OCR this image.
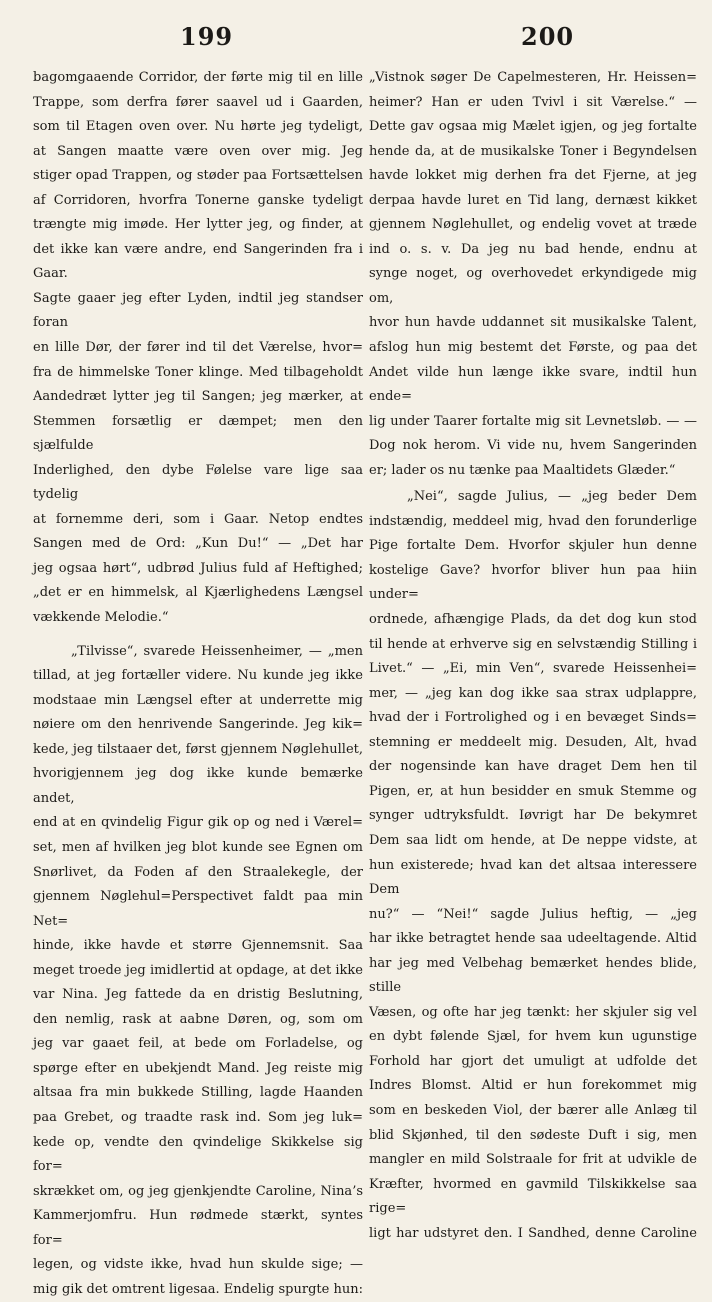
199	200

bagomgaaende Corridor, der førte mig til en lille

Trappe, som derfra fører saavel ud i Gaarden,

som til Etagen oven over. Nu hørte jeg tydeligt,

at Sangen maatte være oven over mig. Jeg

stiger opad Trappen, og støder paa Fortsættelsen

af Corridoren, hvorfra Tonerne ganske tydeligt

trængte mig imøde. Her lytter jeg, og finder, at

det ikke kan være andre, end Sangerinden fra i Gaar.

Sagte gaaer jeg efter Lyden, indtil jeg standser foran

en lille Dør, der fører ind til det Værelse, hvor=

fra de himmelske Toner klinge. Med tilbageholdt

Aandedræt lytter jeg til Sangen; jeg mærker, at

Stemmen forsætlig er dæmpet; men den sjælfulde

Inderlighed, den dybe Følelse vare lige saa tydelig

at fornemme deri, som i Gaar. Netop endtes

Sangen med de Ord: „Kun Du!“ — „Det har

jeg ogsaa hørt“, udbrød Julius fuld af Heftighed;

„det er en himmelsk, al Kjærlighedens Længsel

vækkende Melodie.“

„Tilvisse“, svarede Heissenheimer, — „men

tillad, at jeg fortæller videre. Nu kunde jeg ikke

modstaae min Længsel efter at underrette mig

nøiere om den henrivende Sangerinde. Jeg kik=

kede, jeg tilstaaer det, først gjennem Nøglehullet,

hvorigjennem jeg dog ikke kunde bemærke andet,

end at en qvindelig Figur gik op og ned i Værel=

set, men af hvilken jeg blot kunde see Egnen om

Snørlivet, da Foden af den Straalekegle, der

gjennem Nøglehul=Perspectivet faldt paa min Net=

hinde, ikke havde et større Gjennemsnit. Saa

meget troede jeg imidlertid at opdage, at det ikke

var Nina. Jeg fattede da en dristig Beslutning,

den nemlig, rask at aabne Døren, og, som om

jeg var gaaet feil, at bede om Forladelse, og

spørge efter en ubekjendt Mand. Jeg reiste mig

altsaa fra min bukkede Stilling, lagde Haanden

paa Grebet, og traadte rask ind. Som jeg luk=

kede op, vendte den qvindelige Skikkelse sig for=

skrækket om, og jeg gjenkjendte Caroline, Nina’s

Kammerjomfru. Hun rødmede stærkt, syntes for=

legen, og vidste ikke, hvad hun skulde sige; —

mig gik det omtrent ligesaa. Endelig spurgte hun:

„Vistnok søger De Capelmesteren, Hr. Heissen=

heimer? Han er uden Tvivl i sit Værelse.“ —

Dette gav ogsaa mig Mælet igjen, og jeg fortalte

hende da, at de musikalske Toner i Begyndelsen

havde lokket mig derhen fra det Fjerne, at jeg

derpaa havde luret en Tid lang, dernæst kikket

gjennem Nøglehullet, og endelig vovet at træde

ind o. s. v. Da jeg nu bad hende, endnu at

synge noget, og overhovedet erkyndigede mig om,

hvor hun havde uddannet sit musikalske Talent,

afslog hun mig bestemt det Første, og paa det

Andet vilde hun længe ikke svare, indtil hun ende=

lig under Taarer fortalte mig sit Levnetsløb. — —

Dog nok herom. Vi vide nu, hvem Sangerinden

er; lader os nu tænke paa Maaltidets Glæder.“

„Nei“, sagde Julius, — „jeg beder Dem

indstændig, meddeel mig, hvad den forunderlige

Pige fortalte Dem. Hvorfor skjuler hun denne

kostelige Gave? hvorfor bliver hun paa hiin under=

ordnede, afhængige Plads, da det dog kun stod

til hende at erhverve sig en selvstændig Stilling i

Livet.“ — „Ei, min Ven“, svarede Heissenhei=

mer, — „jeg kan dog ikke saa strax udplappre,

hvad der i Fortrolighed og i en bevæget Sinds=

stemning er meddeelt mig. Desuden, Alt, hvad

der nogensinde kan have draget Dem hen til

Pigen, er, at hun besidder en smuk Stemme og

synger udtryksfuldt. Iøvrigt har De bekymret

Dem saa lidt om hende, at De neppe vidste, at

hun existerede; hvad kan det altsaa interessere Dem

nu?“ — “Nei!“ sagde Julius heftig, — „jeg

har ikke betragtet hende saa udeeltagende. Altid

har jeg med Velbehag bemærket hendes blide, stille

Væsen, og ofte har jeg tænkt: her skjuler sig vel

en dybt følende Sjæl, for hvem kun ugunstige

Forhold har gjort det umuligt at udfolde det

Indres Blomst. Altid er hun forekommet mig

som en beskeden Viol, der bærer alle Anlæg til

blid Skjønhed, til den sødeste Duft i sig, men

mangler en mild Solstraale for frit at udvikle de

Kræfter, hvormed en gavmild Tilskikkelse saa rige=

ligt har udstyret den. I Sandhed, denne Caroline
